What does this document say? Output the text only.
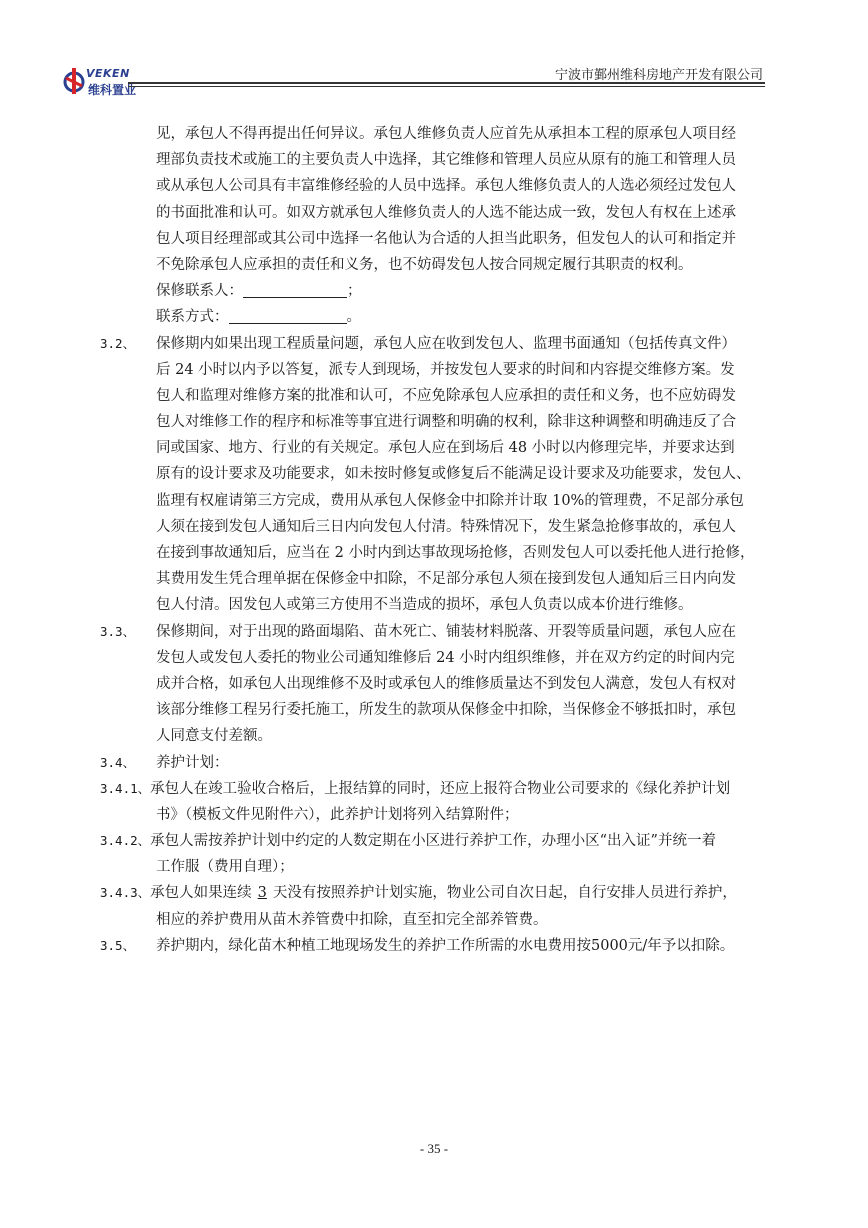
VEKEN
维科置业
宁波市鄞州维科房地产开发有限公司
见，承包人不得再提出任何异议。承包人维修负责人应首先从承担本工程的原承包人项目经
理部负责技术或施工的主要负责人中选择，其它维修和管理人员应从原有的施工和管理人员
或从承包人公司具有丰富维修经验的人员中选择。承包人维修负责人的人选必须经过发包人
的书面批准和认可。如双方就承包人维修负责人的人选不能达成一致，发包人有权在上述承
包人项目经理部或其公司中选择一名他认为合适的人担当此职务，但发包人的认可和指定并
不免除承包人应承担的责任和义务，也不妨碍发包人按合同规定履行其职责的权利。
保修联系人：	；
联系方式：	。
3.2、 保修期内如果出现工程质量问题，承包人应在收到发包人、监理书面通知（包括传真文件）
后 24 小时以内予以答复，派专人到现场，并按发包人要求的时间和内容提交维修方案。发
包人和监理对维修方案的批准和认可，不应免除承包人应承担的责任和义务，也不应妨碍发
包人对维修工作的程序和标准等事宜进行调整和明确的权利，除非这种调整和明确违反了合
同或国家、地方、行业的有关规定。承包人应在到场后 48 小时以内修理完毕，并要求达到
原有的设计要求及功能要求，如未按时修复或修复后不能满足设计要求及功能要求，发包人、
监理有权雇请第三方完成，费用从承包人保修金中扣除并计取 10%的管理费，不足部分承包
人须在接到发包人通知后三日内向发包人付清。特殊情况下，发生紧急抢修事故的，承包人
在接到事故通知后，应当在 2 小时内到达事故现场抢修，否则发包人可以委托他人进行抢修，
其费用发生凭合理单据在保修金中扣除，不足部分承包人须在接到发包人通知后三日内向发
包人付清。因发包人或第三方使用不当造成的损坏，承包人负责以成本价进行维修。
3.3、 保修期间，对于出现的路面塌陷、苗木死亡、铺装材料脱落、开裂等质量问题，承包人应在
发包人或发包人委托的物业公司通知维修后 24 小时内组织维修，并在双方约定的时间内完
成并合格，如承包人出现维修不及时或承包人的维修质量达不到发包人满意，发包人有权对
该部分维修工程另行委托施工，所发生的款项从保修金中扣除，当保修金不够抵扣时，承包
人同意支付差额。
3.4、 养护计划：
3.4.1、承包人在竣工验收合格后，上报结算的同时，还应上报符合物业公司要求的《绿化养护计划
书》（模板文件见附件六），此养护计划将列入结算附件；
3.4.2、承包人需按养护计划中约定的人数定期在小区进行养护工作，办理小区“出入证”并统一着
工作服（费用自理）；
3.4.3、承包人如果连续 3 天没有按照养护计划实施，物业公司自次日起，自行安排人员进行养护，
相应的养护费用从苗木养管费中扣除，直至扣完全部养管费。
3.5、 养护期内，绿化苗木种植工地现场发生的养护工作所需的水电费用按5000元/年予以扣除。
- 35 -
